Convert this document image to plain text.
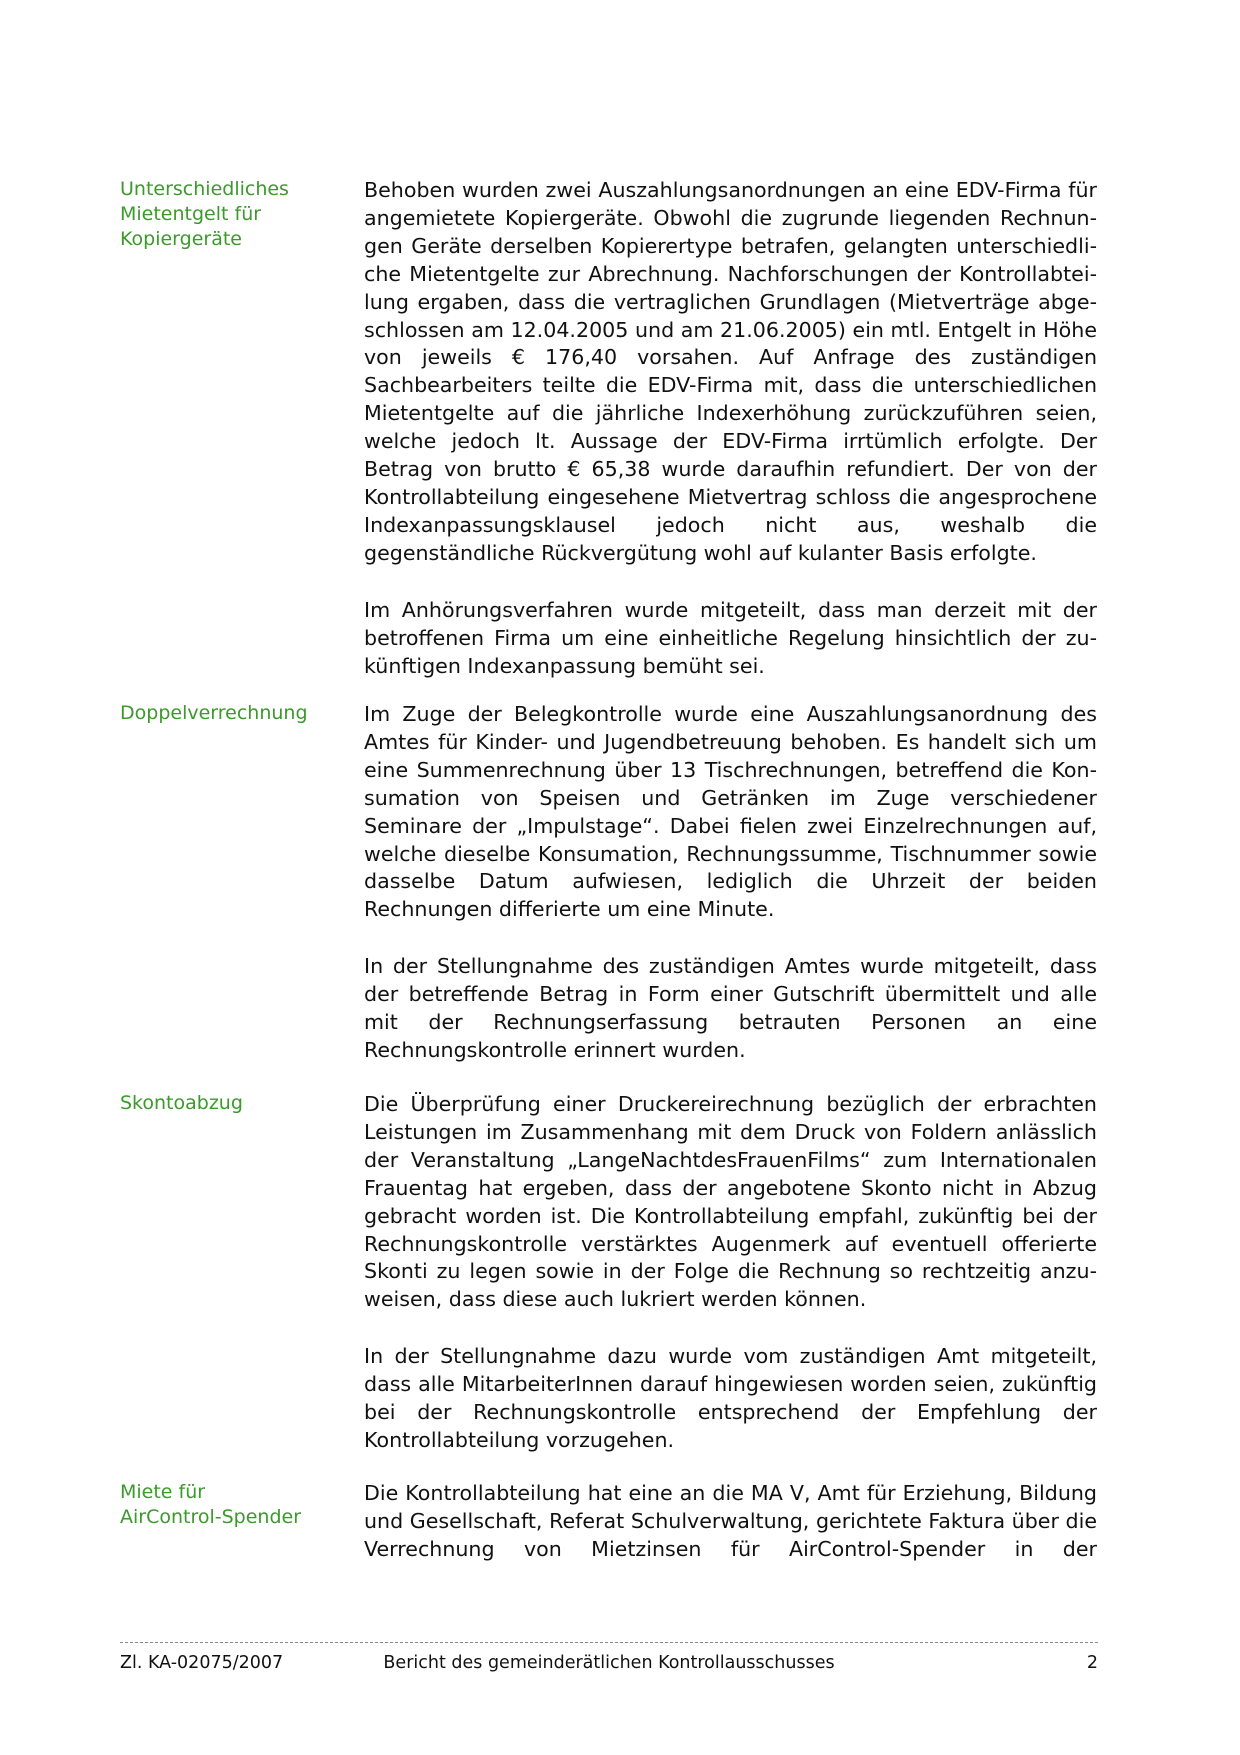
Unterschiedliches
Mietentgelt für
Kopiergeräte

Behoben wurden zwei Auszahlungsanordnungen an eine EDV-Firma für angemietete Kopiergeräte. Obwohl die zugrunde liegenden Rechnungen Geräte derselben Kopierertype betrafen, gelangten unterschiedliche Mietentgelte zur Abrechnung. Nachforschungen der Kontrollabteilung ergaben, dass die vertraglichen Grundlagen (Mietverträge abgeschlossen am 12.04.2005 und am 21.06.2005) ein mtl. Entgelt in Höhe von jeweils € 176,40 vorsahen. Auf Anfrage des zuständigen Sachbearbeiters teilte die EDV-Firma mit, dass die unterschiedlichen Mietentgelte auf die jährliche Indexerhöhung zurückzuführen seien, welche jedoch lt. Aussage der EDV-Firma irrtümlich erfolgte. Der Betrag von brutto € 65,38 wurde daraufhin refundiert. Der von der Kontrollabteilung eingesehene Mietvertrag schloss die angesprochene Indexanpassungsklausel jedoch nicht aus, weshalb die gegenständliche Rückvergütung wohl auf kulanter Basis erfolgte.

Im Anhörungsverfahren wurde mitgeteilt, dass man derzeit mit der betroffenen Firma um eine einheitliche Regelung hinsichtlich der zukünftigen Indexanpassung bemüht sei.

Doppelverrechnung	Im Zuge der Belegkontrolle wurde eine Auszahlungsanordnung des Amtes für Kinder- und Jugendbetreuung behoben. Es handelt sich um eine Summenrechnung über 13 Tischrechnungen, betreffend die Konsumation von Speisen und Getränken im Zuge verschiedener Seminare der „Impulstage“. Dabei fielen zwei Einzelrechnungen auf, welche dieselbe Konsumation, Rechnungssumme, Tischnummer sowie dasselbe Datum aufwiesen, lediglich die Uhrzeit der beiden Rechnungen differierte um eine Minute.

In der Stellungnahme des zuständigen Amtes wurde mitgeteilt, dass der betreffende Betrag in Form einer Gutschrift übermittelt und alle mit der Rechnungserfassung betrauten Personen an eine Rechnungskontrolle erinnert wurden.

Skontoabzug	Die Überprüfung einer Druckereirechnung bezüglich der erbrachten Leistungen im Zusammenhang mit dem Druck von Foldern anlässlich der Veranstaltung „LangeNachtdesFrauenFilms“ zum Internationalen Frauentag hat ergeben, dass der angebotene Skonto nicht in Abzug gebracht worden ist. Die Kontrollabteilung empfahl, zukünftig bei der Rechnungskontrolle verstärktes Augenmerk auf eventuell offerierte Skonti zu legen sowie in der Folge die Rechnung so rechtzeitig anzuweisen, dass diese auch lukriert werden können.

In der Stellungnahme dazu wurde vom zuständigen Amt mitgeteilt, dass alle MitarbeiterInnen darauf hingewiesen worden seien, zukünftig bei der Rechnungskontrolle entsprechend der Empfehlung der Kontrollabteilung vorzugehen.

Miete für
AirControl-Spender

Die Kontrollabteilung hat eine an die MA V, Amt für Erziehung, Bildung und Gesellschaft, Referat Schulverwaltung, gerichtete Faktura über die Verrechnung von Mietzinsen für AirControl-Spender in der

Zl. KA-02075/2007	Bericht des gemeinderätlichen Kontrollausschusses	2
